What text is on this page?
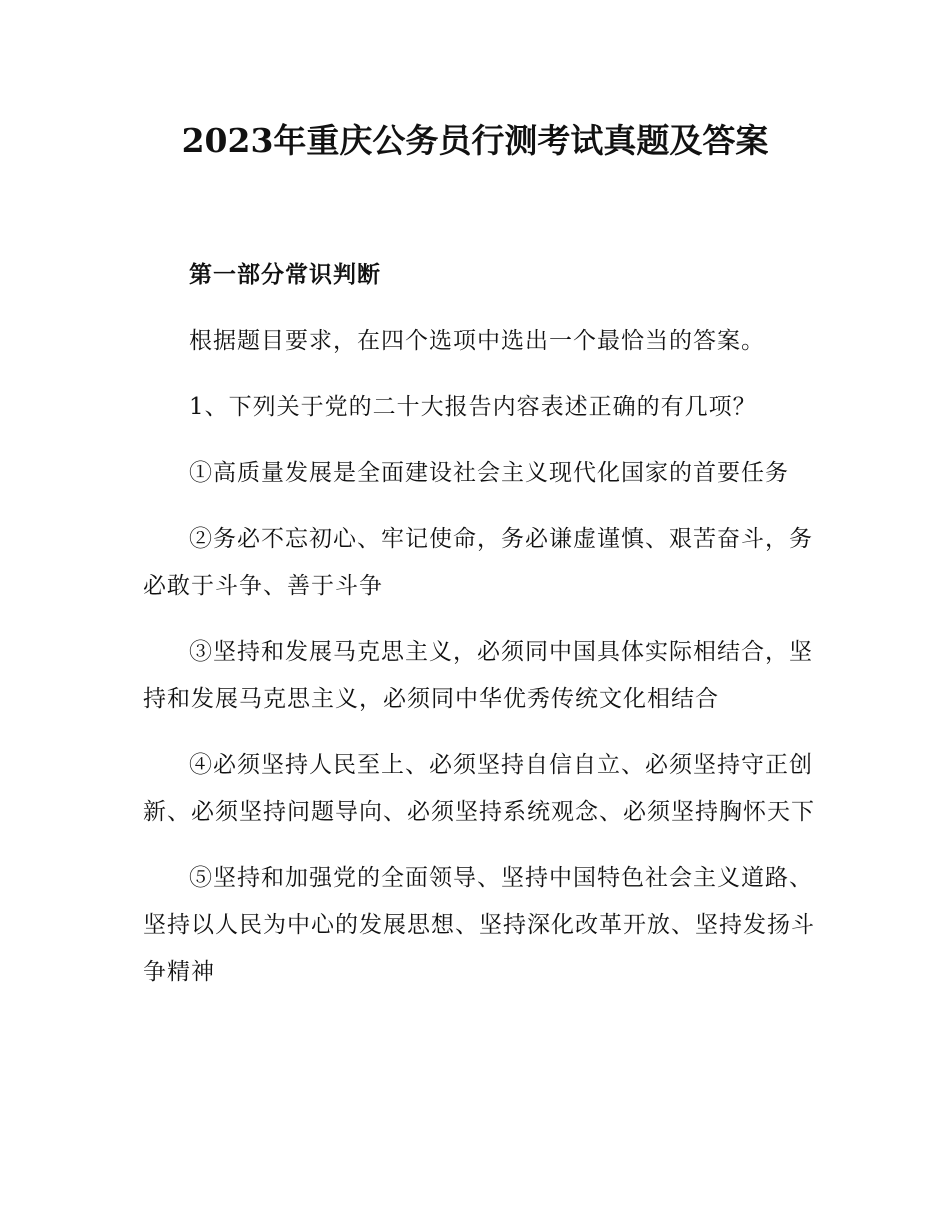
2023年重庆公务员行测考试真题及答案

第一部分常识判断

根据题目要求，在四个选项中选出一个最恰当的答案。

1、下列关于党的二十大报告内容表述正确的有几项？

①高质量发展是全面建设社会主义现代化国家的首要任务

②务必不忘初心、牢记使命，务必谦虚谨慎、艰苦奋斗，务必敢于斗争、善于斗争

③坚持和发展马克思主义，必须同中国具体实际相结合，坚持和发展马克思主义，必须同中华优秀传统文化相结合

④必须坚持人民至上、必须坚持自信自立、必须坚持守正创新、必须坚持问题导向、必须坚持系统观念、必须坚持胸怀天下

⑤坚持和加强党的全面领导、坚持中国特色社会主义道路、坚持以人民为中心的发展思想、坚持深化改革开放、坚持发扬斗争精神
